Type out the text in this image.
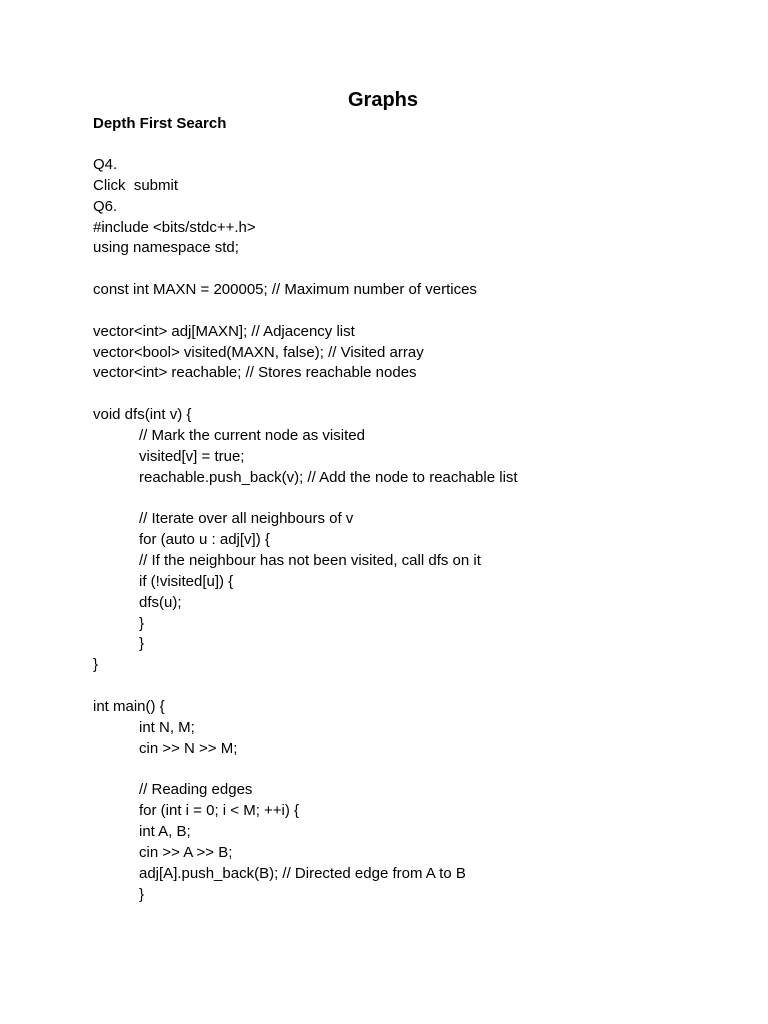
Graphs
Depth First Search
Q4.
Click  submit
Q6.
#include <bits/stdc++.h>
using namespace std;
const int MAXN = 200005; // Maximum number of vertices
vector<int> adj[MAXN]; // Adjacency list
vector<bool> visited(MAXN, false); // Visited array
vector<int> reachable; // Stores reachable nodes
void dfs(int v) {
// Mark the current node as visited
visited[v] = true;
reachable.push_back(v); // Add the node to reachable list
// Iterate over all neighbours of v
for (auto u : adj[v]) {
// If the neighbour has not been visited, call dfs on it
if (!visited[u]) {
dfs(u);
}
}
}
int main() {
int N, M;
cin >> N >> M;
// Reading edges
for (int i = 0; i < M; ++i) {
int A, B;
cin >> A >> B;
adj[A].push_back(B); // Directed edge from A to B
}
